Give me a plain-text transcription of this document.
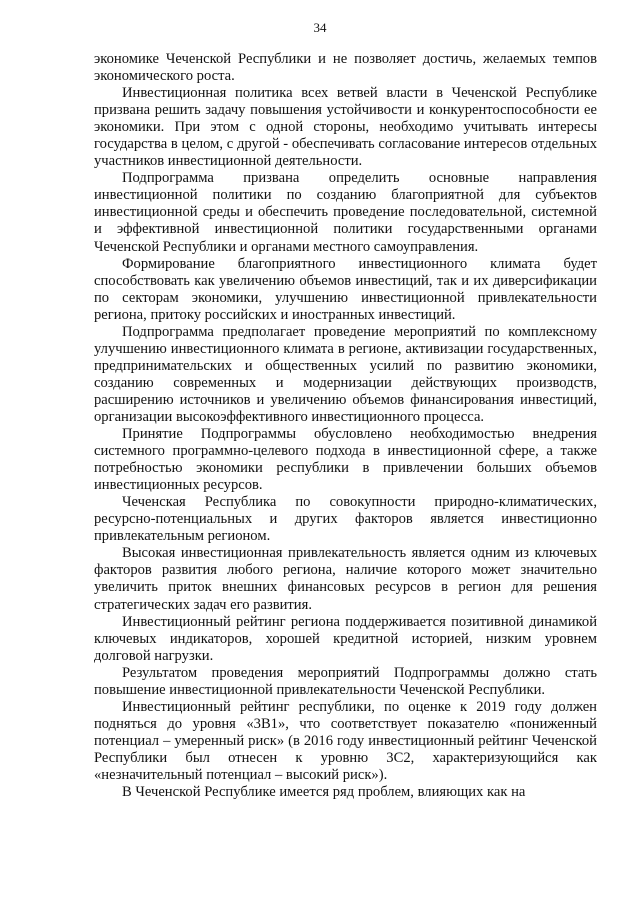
34

экономике Чеченской Республики и не позволяет достичь, желаемых темпов экономического роста.

Инвестиционная политика всех ветвей власти в Чеченской Республике призвана решить задачу повышения устойчивости и конкурентоспособности ее экономики. При этом с одной стороны, необходимо учитывать интересы государства в целом, с другой - обеспечивать согласование интересов отдельных участников инвестиционной деятельности.

Подпрограмма призвана определить основные направления инвестиционной политики по созданию благоприятной для субъектов инвестиционной среды и обеспечить проведение последовательной, системной и эффективной инвестиционной политики государственными органами Чеченской Республики и органами местного самоуправления.

Формирование благоприятного инвестиционного климата будет способствовать как увеличению объемов инвестиций, так и их диверсификации по секторам экономики, улучшению инвестиционной привлекательности региона, притоку российских и иностранных инвестиций.

Подпрограмма предполагает проведение мероприятий по комплексному улучшению инвестиционного климата в регионе, активизации государственных, предпринимательских и общественных усилий по развитию экономики, созданию современных и модернизации действующих производств, расширению источников и увеличению объемов финансирования инвестиций, организации высокоэффективного инвестиционного процесса.

Принятие Подпрограммы обусловлено необходимостью внедрения системного программно-целевого подхода в инвестиционной сфере, а также потребностью экономики республики в привлечении больших объемов инвестиционных ресурсов.

Чеченская Республика по совокупности природно-климатических, ресурсно-потенциальных и других факторов является инвестиционно привлекательным регионом.

Высокая инвестиционная привлекательность является одним из ключевых факторов развития любого региона, наличие которого может значительно увеличить приток внешних финансовых ресурсов в регион для решения стратегических задач его развития.

Инвестиционный рейтинг региона поддерживается позитивной динамикой ключевых индикаторов, хорошей кредитной историей, низким уровнем долговой нагрузки.

Результатом проведения мероприятий Подпрограммы должно стать повышение инвестиционной привлекательности Чеченской Республики.

Инвестиционный рейтинг республики, по оценке к 2019 году должен подняться до уровня «3В1», что соответствует показателю «пониженный потенциал – умеренный риск» (в 2016 году инвестиционный рейтинг Чеченской Республики был отнесен к уровню 3С2, характеризующийся как «незначительный потенциал – высокий риск»).

В Чеченской Республике имеется ряд проблем, влияющих как на
